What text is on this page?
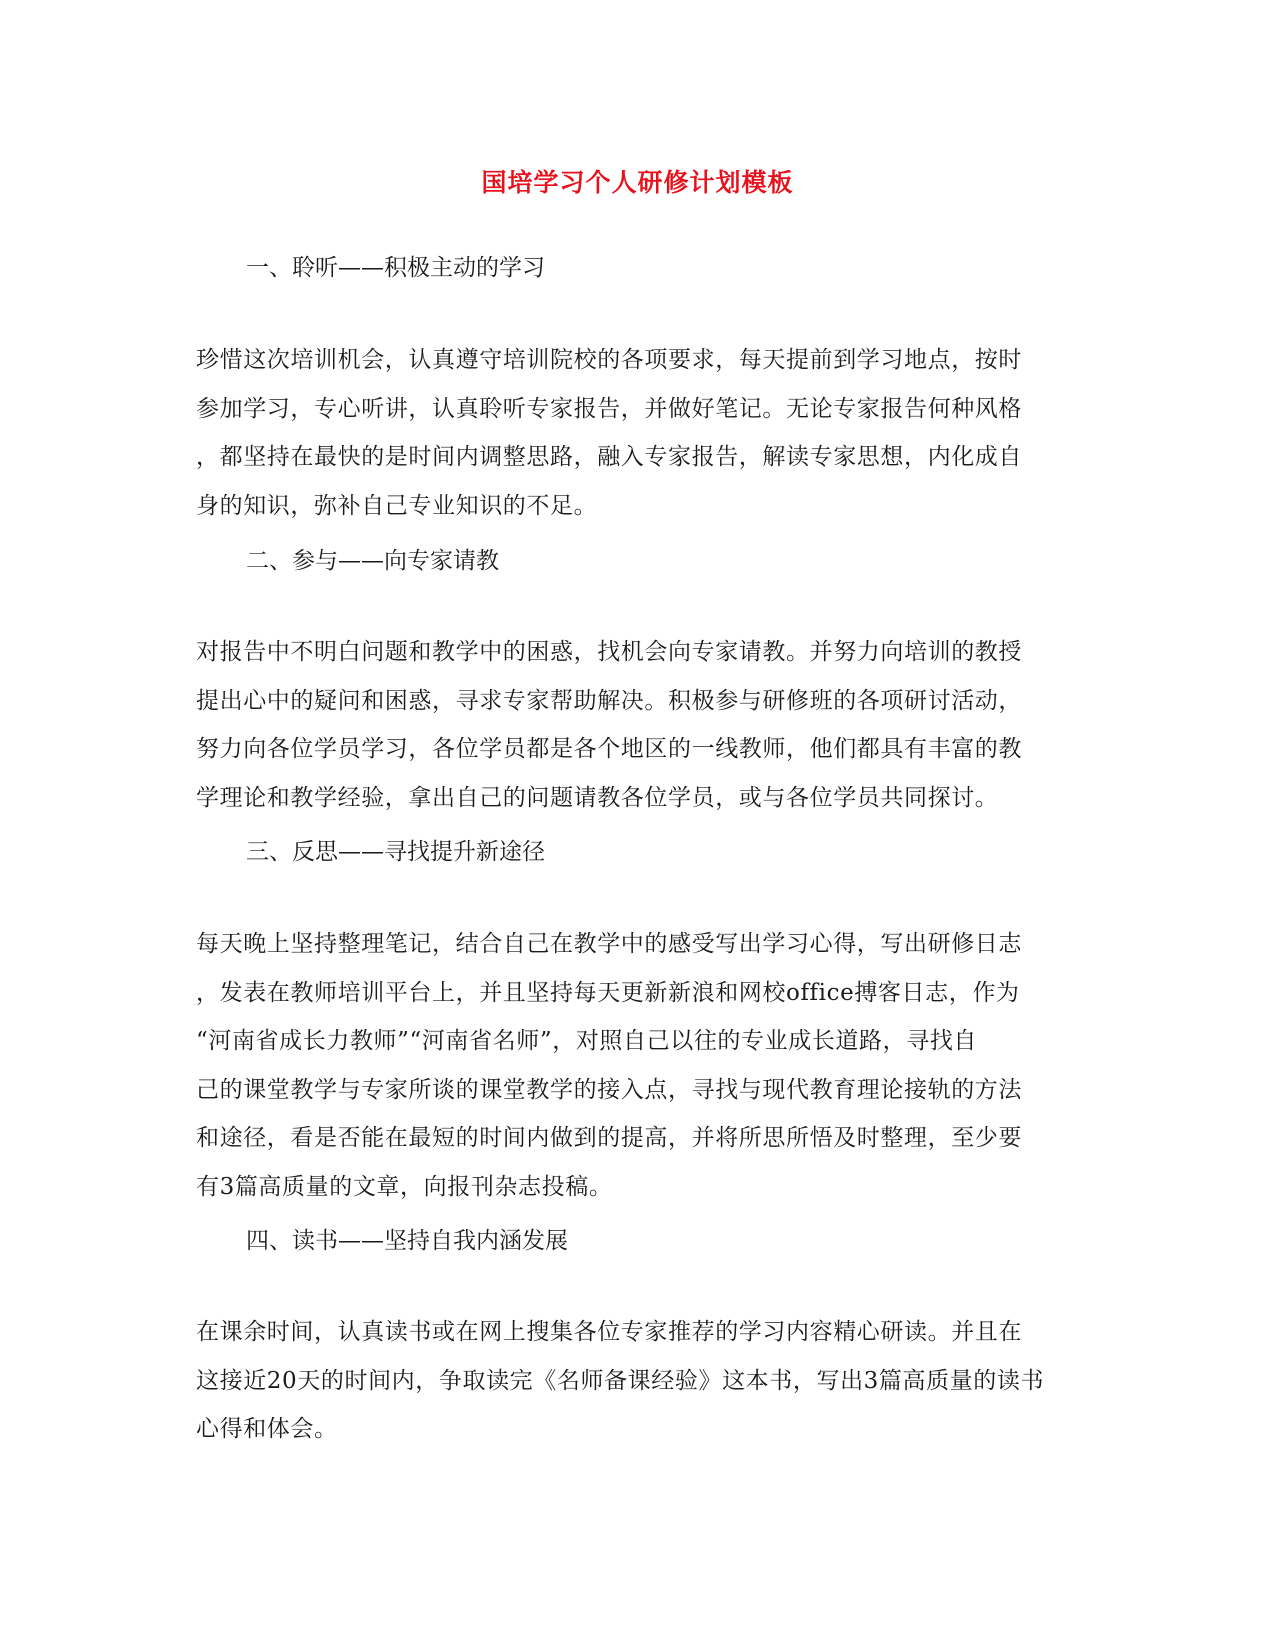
国培学习个人研修计划模板
一、聆听——积极主动的学习
珍惜这次培训机会，认真遵守培训院校的各项要求，每天提前到学习地点，按时
参加学习，专心听讲，认真聆听专家报告，并做好笔记。无论专家报告何种风格
，都坚持在最快的是时间内调整思路，融入专家报告，解读专家思想，内化成自
身的知识，弥补自己专业知识的不足。
二、参与——向专家请教
对报告中不明白问题和教学中的困惑，找机会向专家请教。并努力向培训的教授
提出心中的疑问和困惑，寻求专家帮助解决。积极参与研修班的各项研讨活动，
努力向各位学员学习，各位学员都是各个地区的一线教师，他们都具有丰富的教
学理论和教学经验，拿出自己的问题请教各位学员，或与各位学员共同探讨。
三、反思——寻找提升新途径
每天晚上坚持整理笔记，结合自己在教学中的感受写出学习心得，写出研修日志
，发表在教师培训平台上，并且坚持每天更新新浪和网校office搏客日志，作为
“河南省成长力教师”“河南省名师”，对照自己以往的专业成长道路，寻找自
己的课堂教学与专家所谈的课堂教学的接入点，寻找与现代教育理论接轨的方法
和途径，看是否能在最短的时间内做到的提高，并将所思所悟及时整理，至少要
有3篇高质量的文章，向报刊杂志投稿。
四、读书——坚持自我内涵发展
在课余时间，认真读书或在网上搜集各位专家推荐的学习内容精心研读。并且在
这接近20天的时间内，争取读完《名师备课经验》这本书，写出3篇高质量的读书
心得和体会。
